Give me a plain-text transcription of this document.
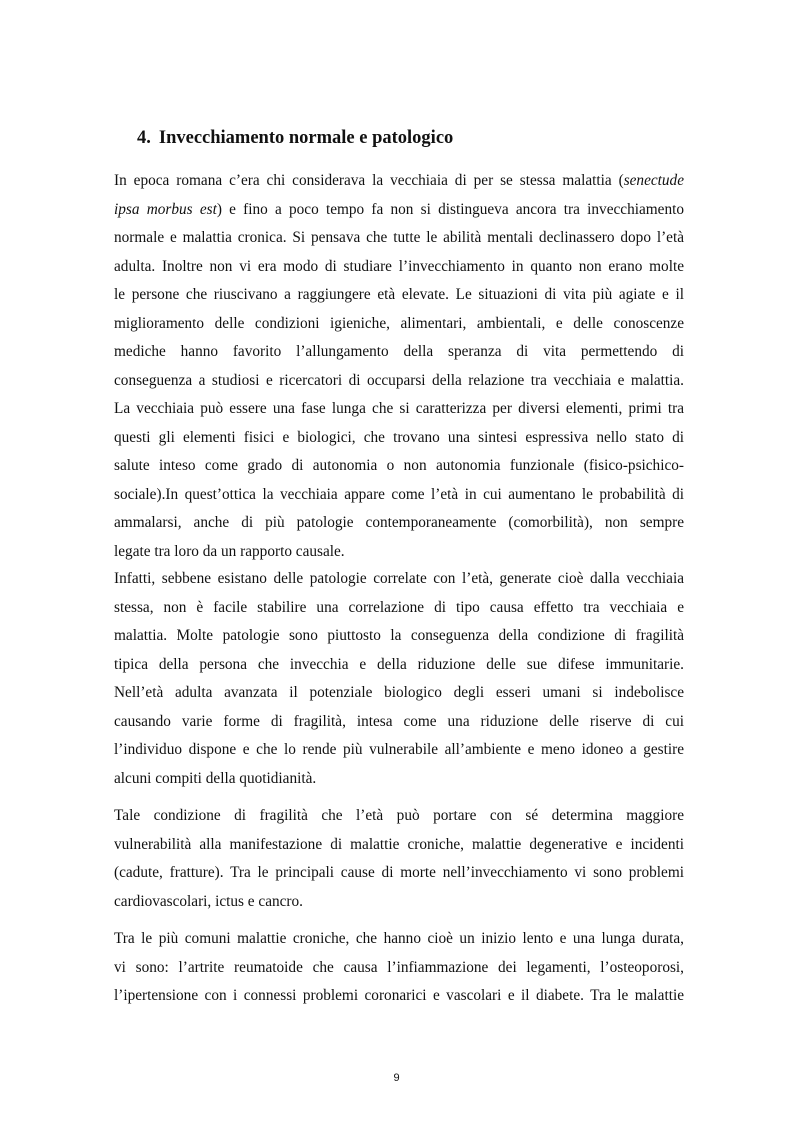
4. Invecchiamento normale e patologico

In epoca romana c’era chi considerava la vecchiaia di per se stessa malattia (senectude
ipsa morbus est) e fino a poco tempo fa non si distingueva ancora tra invecchiamento
normale e malattia cronica. Si pensava che tutte le abilità mentali declinassero dopo l’età
adulta. Inoltre non vi era modo di studiare l’invecchiamento in quanto non erano molte
le persone che riuscivano a raggiungere età elevate. Le situazioni di vita più agiate e il
miglioramento delle condizioni igieniche, alimentari, ambientali, e delle conoscenze
mediche hanno favorito l’allungamento della speranza di vita permettendo di
conseguenza a studiosi e ricercatori di occuparsi della relazione tra vecchiaia e malattia.
La vecchiaia può essere una fase lunga che si caratterizza per diversi elementi, primi tra
questi gli elementi fisici e biologici, che trovano una sintesi espressiva nello stato di
salute inteso come grado di autonomia o non autonomia funzionale (fisico-psichico-
sociale).In quest’ottica la vecchiaia appare come l’età in cui aumentano le probabilità di
ammalarsi, anche di più patologie contemporaneamente (comorbilità), non sempre
legate tra loro da un rapporto causale.

Infatti, sebbene esistano delle patologie correlate con l’età, generate cioè dalla vecchiaia
stessa, non è facile stabilire una correlazione di tipo causa effetto tra vecchiaia e
malattia. Molte patologie sono piuttosto la conseguenza della condizione di fragilità
tipica della persona che invecchia e della riduzione delle sue difese immunitarie.
Nell’età adulta avanzata il potenziale biologico degli esseri umani si indebolisce
causando varie forme di fragilità, intesa come una riduzione delle riserve di cui
l’individuo dispone e che lo rende più vulnerabile all’ambiente e meno idoneo a gestire
alcuni compiti della quotidianità.

Tale condizione di fragilità che l’età può portare con sé determina maggiore
vulnerabilità alla manifestazione di malattie croniche, malattie degenerative e incidenti
(cadute, fratture). Tra le principali cause di morte nell’invecchiamento vi sono problemi
cardiovascolari, ictus e cancro.

Tra le più comuni malattie croniche, che hanno cioè un inizio lento e una lunga durata,
vi sono: l’artrite reumatoide che causa l’infiammazione dei legamenti, l’osteoporosi,
l’ipertensione con i connessi problemi coronarici e vascolari e il diabete. Tra le malattie

9
